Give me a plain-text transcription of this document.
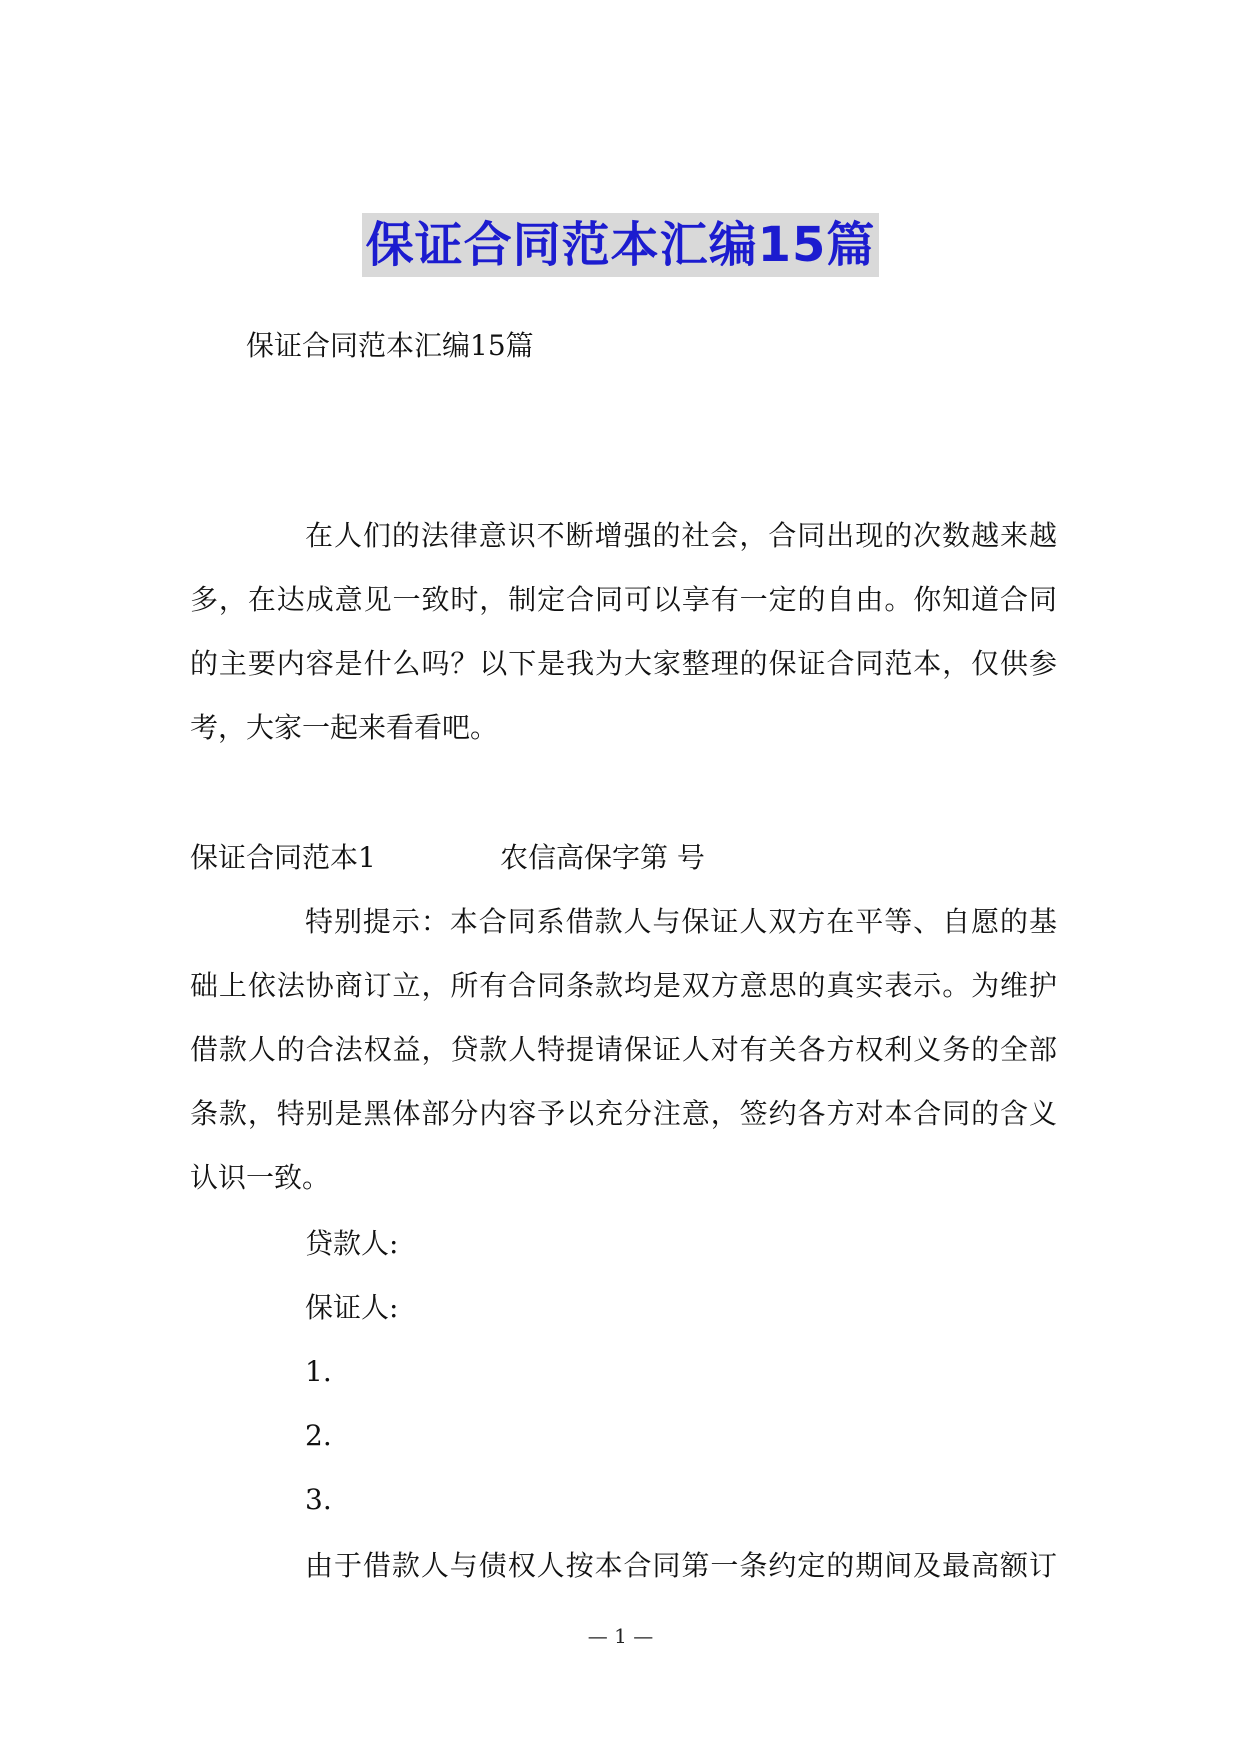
保证合同范本汇编15篇
保证合同范本汇编15篇
在人们的法律意识不断增强的社会，合同出现的次数越来越
多，在达成意见一致时，制定合同可以享有一定的自由。你知道合同
的主要内容是什么吗？以下是我为大家整理的保证合同范本，仅供参
考，大家一起来看看吧。
保证合同范本1	农信高保字第 号
特别提示：本合同系借款人与保证人双方在平等、自愿的基
础上依法协商订立，所有合同条款均是双方意思的真实表示。为维护
借款人的合法权益，贷款人特提请保证人对有关各方权利义务的全部
条款，特别是黑体部分内容予以充分注意，签约各方对本合同的含义
认识一致。
贷款人:
保证人:
1.
2.
3.
由于借款人与债权人按本合同第一条约定的期间及最高额订
— 1 —
